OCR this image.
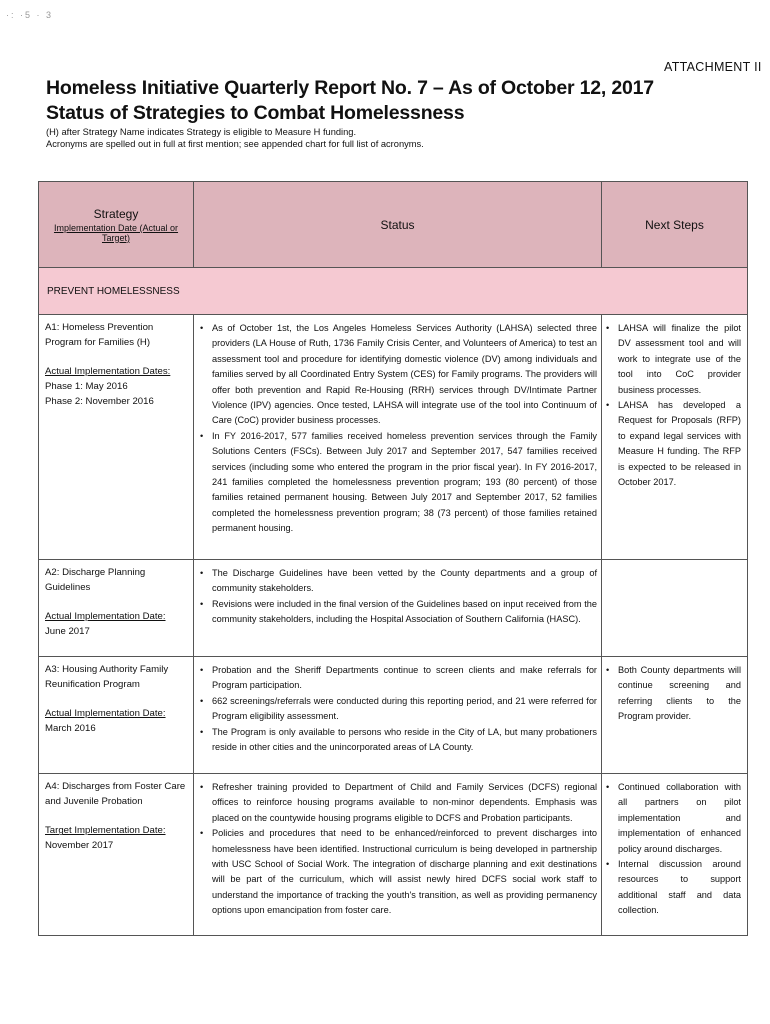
·: ·5 · 3
ATTACHMENT II
Homeless Initiative Quarterly Report No. 7 – As of October 12, 2017
Status of Strategies to Combat Homelessness
(H) after Strategy Name indicates Strategy is eligible to Measure H funding.
Acronyms are spelled out in full at first mention; see appended chart for full list of acronyms.
Strategy
Implementation Date (Actual or Target)
Status	Next Steps
PREVENT HOMELESSNESS
A1: Homeless Prevention Program for Families (H)
Actual Implementation Dates:
Phase 1: May 2016
Phase 2: November 2016
• As of October 1st, the Los Angeles Homeless Services Authority (LAHSA) selected three providers (LA House of Ruth, 1736 Family Crisis Center, and Volunteers of America) to test an assessment tool and procedure for identifying domestic violence (DV) among individuals and families served by all Coordinated Entry System (CES) for Family programs. The providers will offer both prevention and Rapid Re-Housing (RRH) services through DV/Intimate Partner Violence (IPV) agencies. Once tested, LAHSA will integrate use of the tool into Continuum of Care (CoC) provider business processes.
• In FY 2016-2017, 577 families received homeless prevention services through the Family Solutions Centers (FSCs). Between July 2017 and September 2017, 547 families received services (including some who entered the program in the prior fiscal year). In FY 2016-2017, 241 families completed the homelessness prevention program; 193 (80 percent) of those families retained permanent housing. Between July 2017 and September 2017, 52 families completed the homelessness prevention program; 38 (73 percent) of those families retained permanent housing.
• LAHSA will finalize the pilot DV assessment tool and will work to integrate use of the tool into CoC provider business processes.
• LAHSA has developed a Request for Proposals (RFP) to expand legal services with Measure H funding. The RFP is expected to be released in October 2017.
A2: Discharge Planning Guidelines
Actual Implementation Date:
June 2017
• The Discharge Guidelines have been vetted by the County departments and a group of community stakeholders.
• Revisions were included in the final version of the Guidelines based on input received from the community stakeholders, including the Hospital Association of Southern California (HASC).
A3: Housing Authority Family Reunification Program
Actual Implementation Date:
March 2016
• Probation and the Sheriff Departments continue to screen clients and make referrals for Program participation.
• 662 screenings/referrals were conducted during this reporting period, and 21 were referred for Program eligibility assessment.
• The Program is only available to persons who reside in the City of LA, but many probationers reside in other cities and the unincorporated areas of LA County.
• Both County departments will continue screening and referring clients to the Program provider.
A4: Discharges from Foster Care and Juvenile Probation
Target Implementation Date:
November 2017
• Refresher training provided to Department of Child and Family Services (DCFS) regional offices to reinforce housing programs available to non-minor dependents. Emphasis was placed on the countywide housing programs eligible to DCFS and Probation participants.
• Policies and procedures that need to be enhanced/reinforced to prevent discharges into homelessness have been identified. Instructional curriculum is being developed in partnership with USC School of Social Work. The integration of discharge planning and exit destinations will be part of the curriculum, which will assist newly hired DCFS social work staff to understand the importance of tracking the youth's transition, as well as providing permanency options upon emancipation from foster care.
• Continued collaboration with all partners on pilot implementation and implementation of enhanced policy around discharges.
• Internal discussion around resources to support additional staff and data collection.
